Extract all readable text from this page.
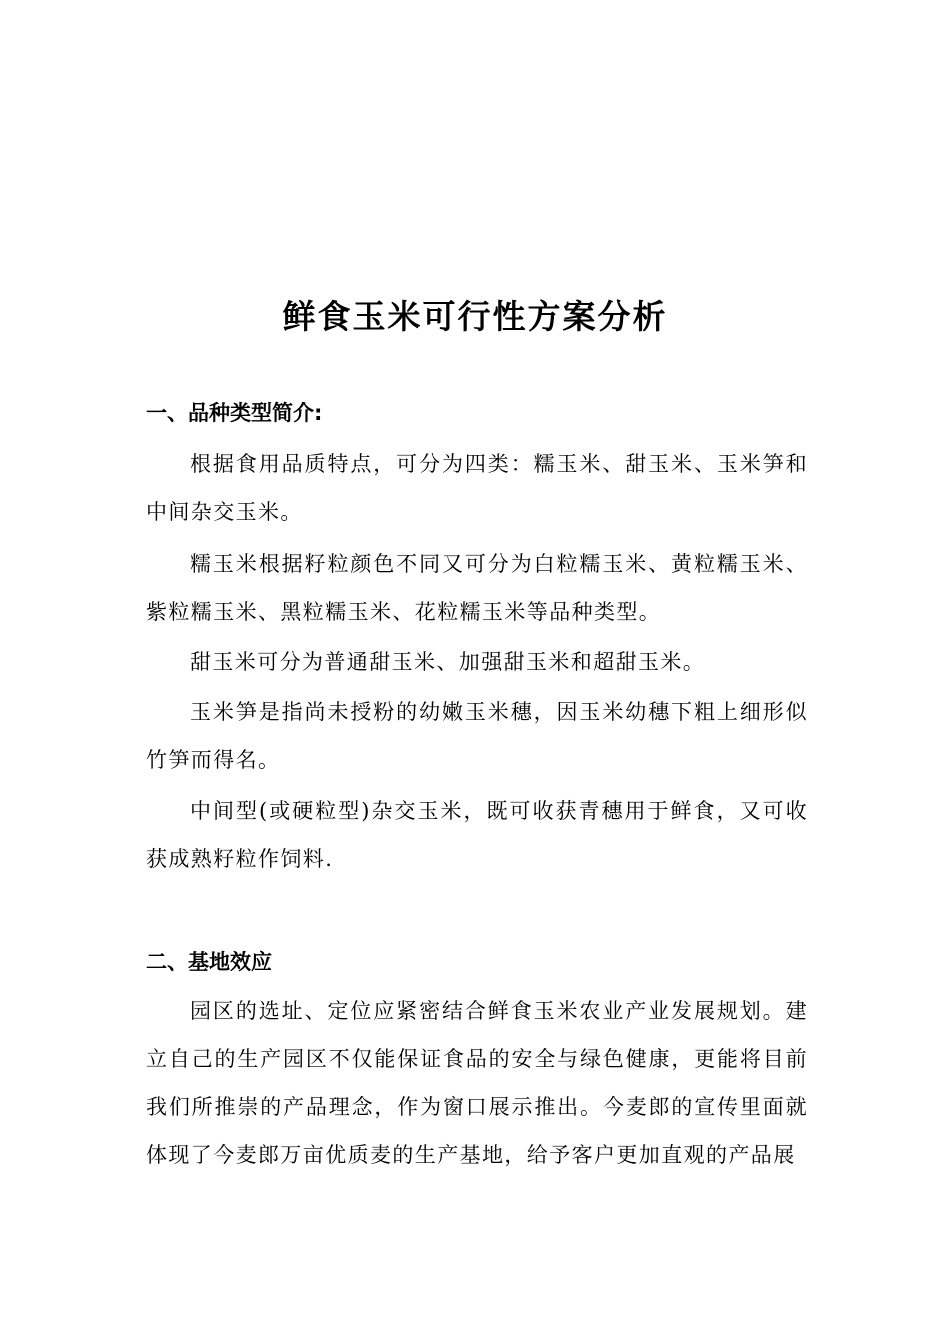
鲜食玉米可行性方案分析
一、品种类型简介:
根据食用品质特点，可分为四类：糯玉米、甜玉米、玉米笋和中间杂交玉米。
糯玉米根据籽粒颜色不同又可分为白粒糯玉米、黄粒糯玉米、紫粒糯玉米、黑粒糯玉米、花粒糯玉米等品种类型。
甜玉米可分为普通甜玉米、加强甜玉米和超甜玉米。
玉米笋是指尚未授粉的幼嫩玉米穗，因玉米幼穗下粗上细形似竹笋而得名。
中间型(或硬粒型)杂交玉米，既可收获青穗用于鲜食，又可收获成熟籽粒作饲料.
二、基地效应
园区的选址、定位应紧密结合鲜食玉米农业产业发展规划。建立自己的生产园区不仅能保证食品的安全与绿色健康，更能将目前我们所推崇的产品理念，作为窗口展示推出。今麦郎的宣传里面就体现了今麦郎万亩优质麦的生产基地，给予客户更加直观的产品展
